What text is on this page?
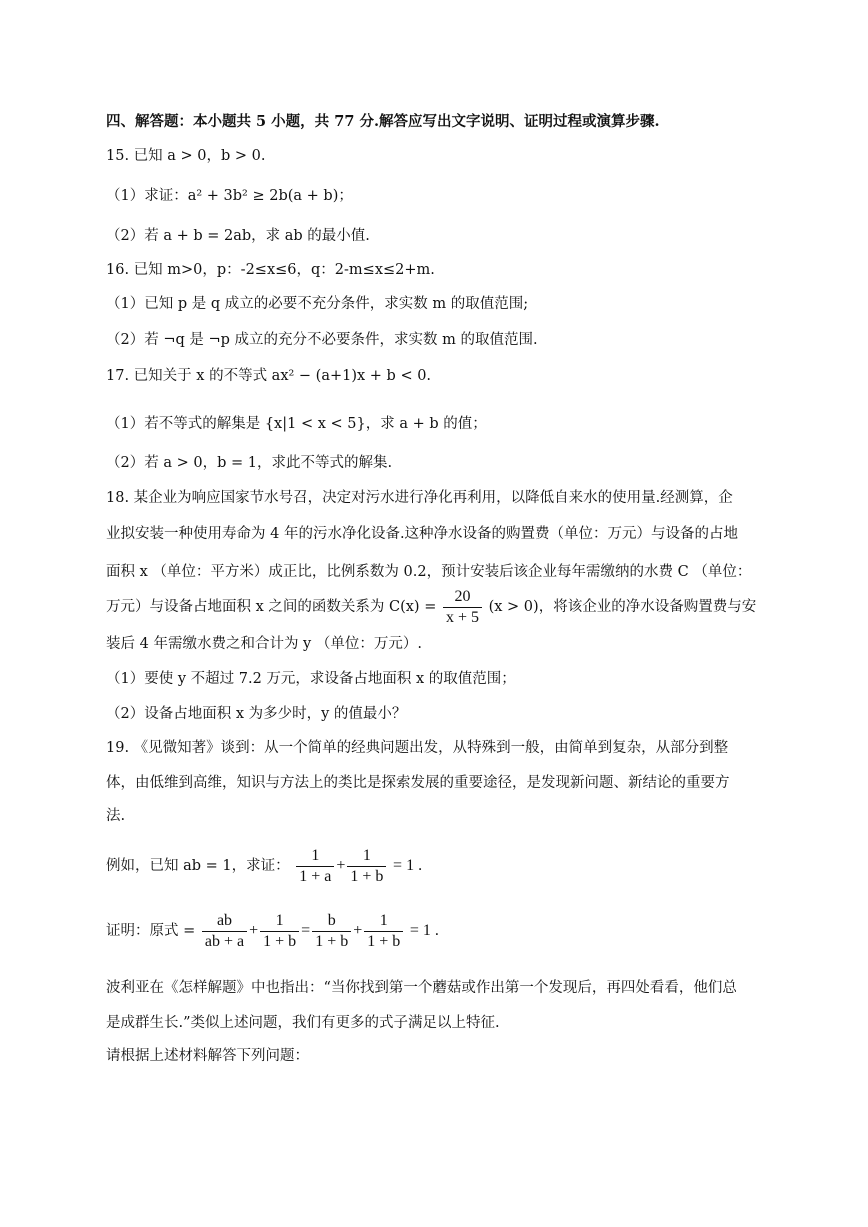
四、解答题：本小题共 5 小题，共 77 分.解答应写出文字说明、证明过程或演算步骤.
15. 已知 a > 0，b > 0.
（1）求证：a² + 3b² ≥ 2b(a + b)；
（2）若 a + b = 2ab，求 ab 的最小值.
16. 已知 m>0，p：-2≤x≤6，q：2-m≤x≤2+m.
（1）已知 p 是 q 成立的必要不充分条件，求实数 m 的取值范围;
（2）若 ¬q 是 ¬p 成立的充分不必要条件，求实数 m 的取值范围.
17. 已知关于 x 的不等式 ax² − (a+1)x + b < 0.
（1）若不等式的解集是 {x|1 < x < 5}，求 a + b 的值；
（2）若 a > 0，b = 1，求此不等式的解集.
18. 某企业为响应国家节水号召，决定对污水进行净化再利用，以降低自来水的使用量.经测算，企
业拟安装一种使用寿命为 4 年的污水净化设备.这种净水设备的购置费（单位：万元）与设备的占地
面积 x （单位：平方米）成正比，比例系数为 0.2，预计安装后该企业每年需缴纳的水费 C （单位：
万元）与设备占地面积 x 之间的函数关系为 $C(x) = \frac{20}{x + 5} (x > 0)$，将该企业的净水设备购置费与安
装后 4 年需缴水费之和合计为 y （单位：万元）.
（1）要使 y 不超过 7.2 万元，求设备占地面积 x 的取值范围；
（2）设备占地面积 x 为多少时，y 的值最小？
19. 《见微知著》谈到：从一个简单的经典问题出发，从特殊到一般，由简单到复杂，从部分到整
体，由低维到高维，知识与方法上的类比是探索发展的重要途径，是发现新问题、新结论的重要方
法.
例如，已知 ab = 1，求证： $\frac{1}{1 + a} + \frac{1}{1 + b} = 1$ .
证明：原式 = $\frac{ab}{ab + a} + \frac{1}{1 + b} = \frac{b}{1 + b} + \frac{1}{1 + b} = 1$ .
波利亚在《怎样解题》中也指出：“当你找到第一个蘑菇或作出第一个发现后，再四处看看，他们总
是成群生长.”类似上述问题，我们有更多的式子满足以上特征.
请根据上述材料解答下列问题：
